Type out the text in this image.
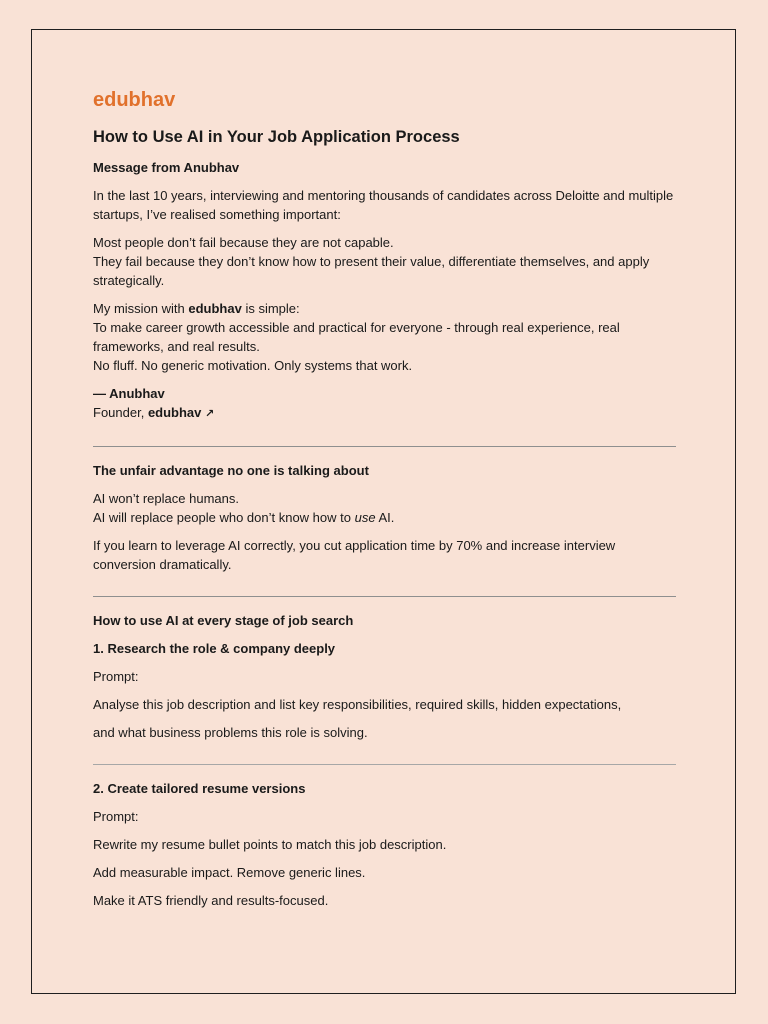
edubhav
How to Use AI in Your Job Application Process
Message from Anubhav

In the last 10 years, interviewing and mentoring thousands of candidates across Deloitte and multiple startups, I’ve realised something important:

Most people don’t fail because they are not capable.
They fail because they don’t know how to present their value, differentiate themselves, and apply strategically.

My mission with edubhav is simple:
To make career growth accessible and practical for everyone - through real experience, real frameworks, and real results.
No fluff. No generic motivation. Only systems that work.

— Anubhav
Founder, edubhav ↗

The unfair advantage no one is talking about

AI won’t replace humans.
AI will replace people who don’t know how to use AI.

If you learn to leverage AI correctly, you cut application time by 70% and increase interview conversion dramatically.

How to use AI at every stage of job search
1. Research the role & company deeply

Prompt:

Analyse this job description and list key responsibilities, required skills, hidden expectations,

and what business problems this role is solving.

2. Create tailored resume versions

Prompt:

Rewrite my resume bullet points to match this job description.

Add measurable impact. Remove generic lines.

Make it ATS friendly and results-focused.
